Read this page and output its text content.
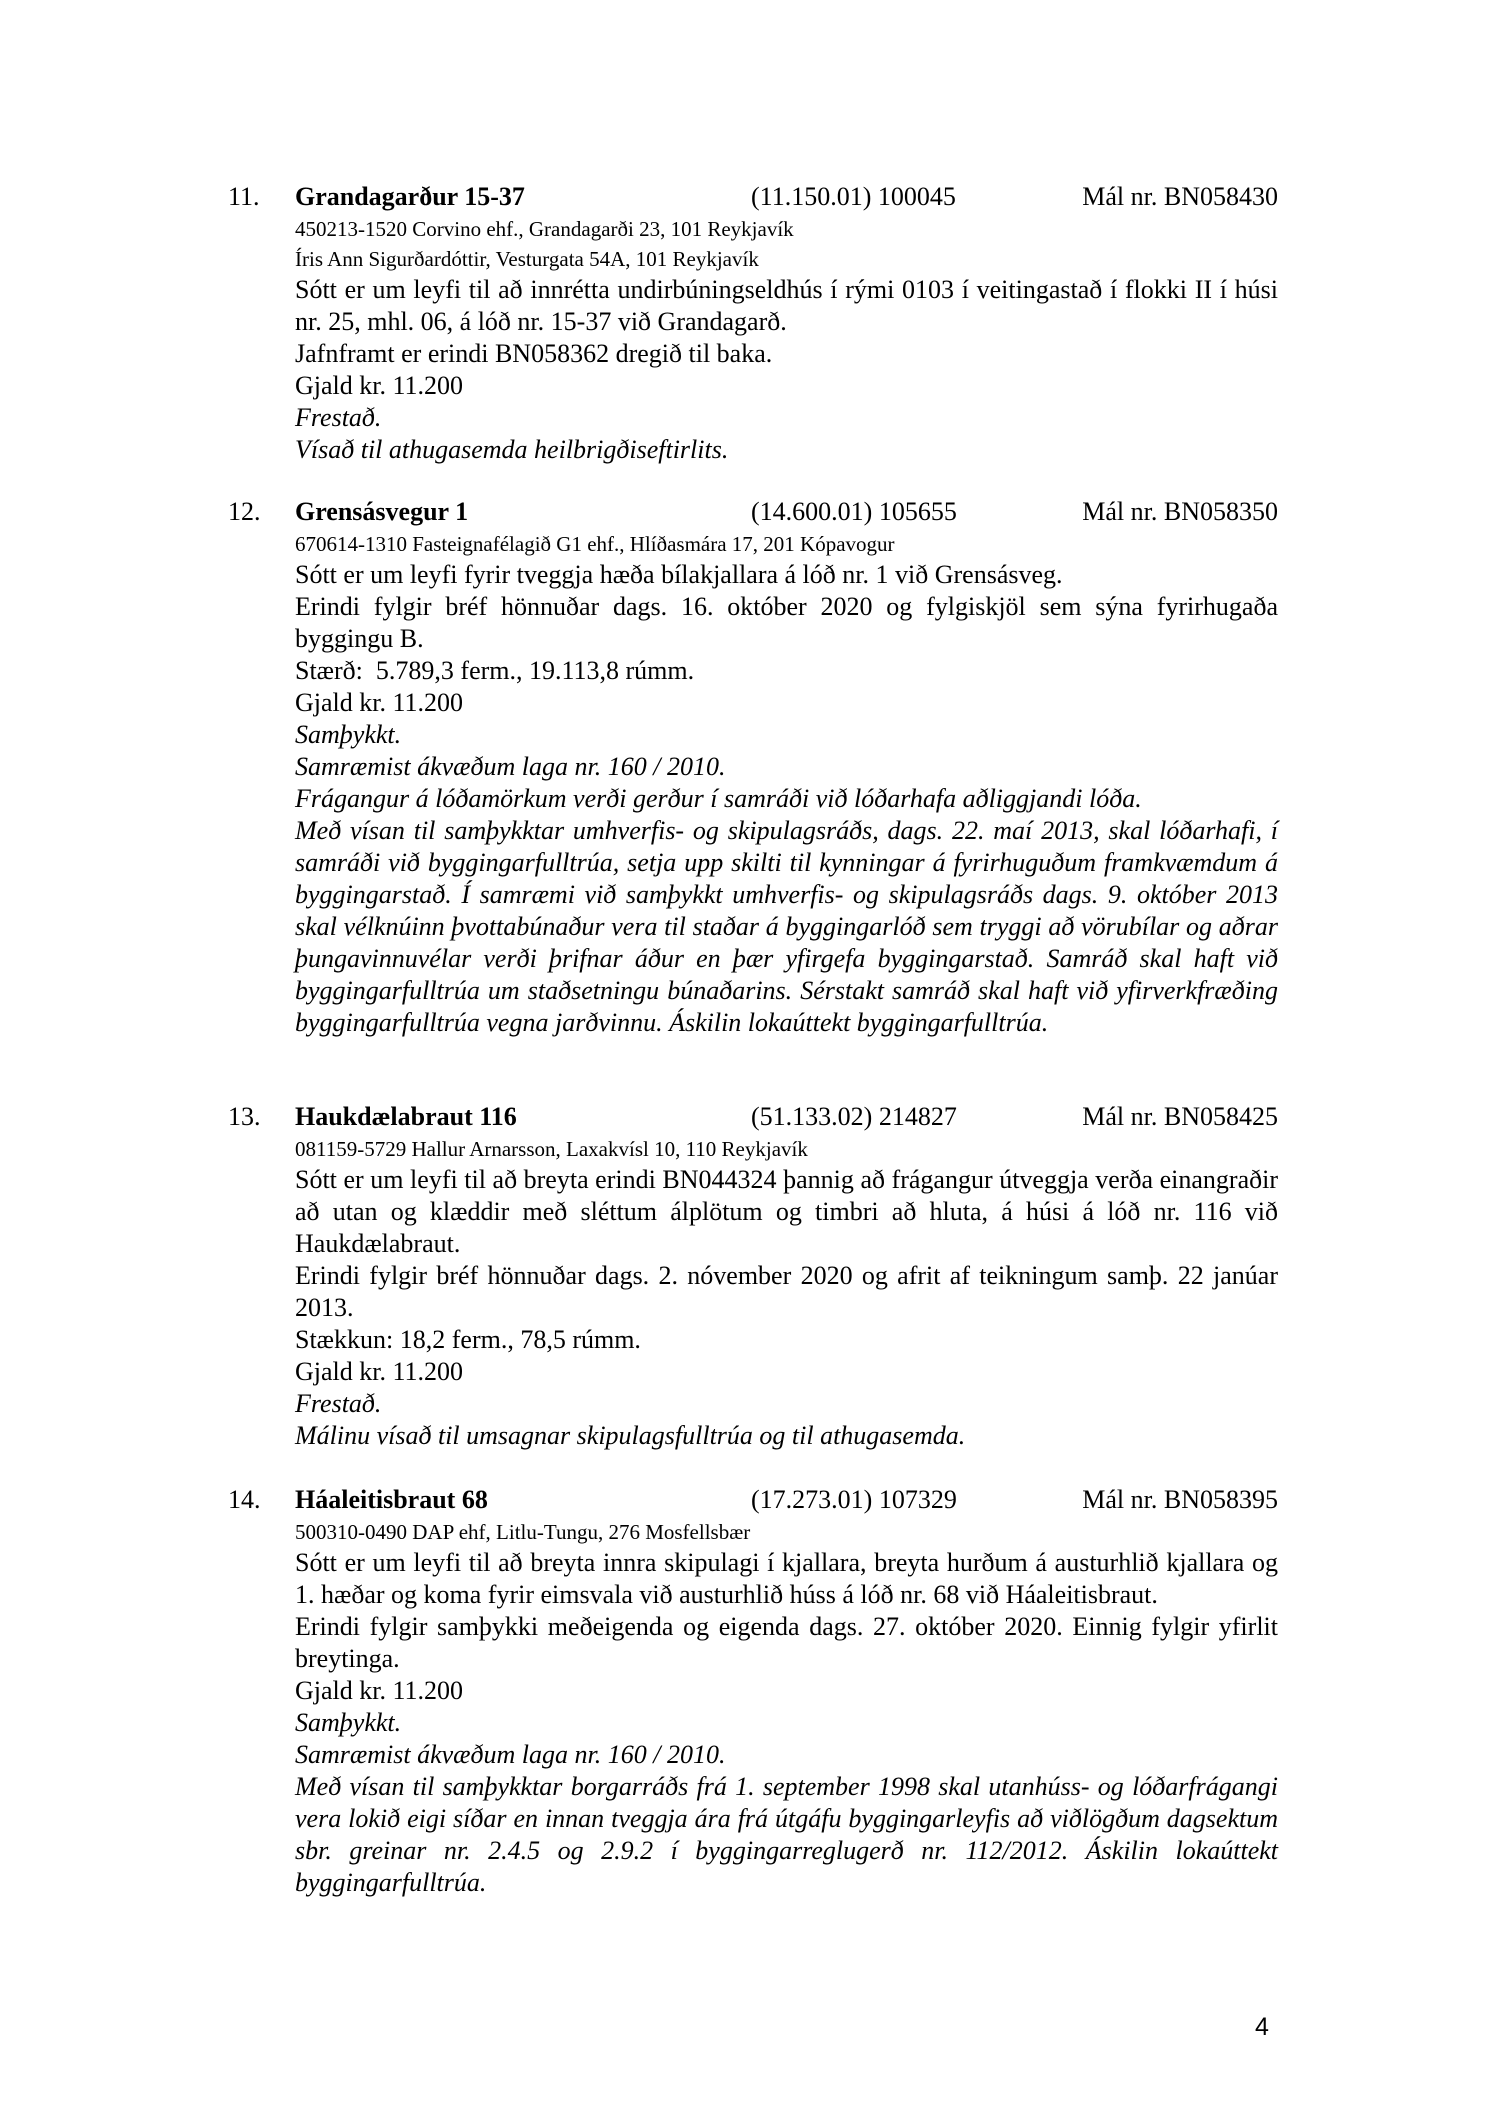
11. Grandagarður 15-37	(11.150.01) 100045	Mál nr. BN058430
450213-1520 Corvino ehf., Grandagarði 23, 101 Reykjavík
Íris Ann Sigurðardóttir, Vesturgata 54A, 101 Reykjavík

Sótt er um leyfi til að innrétta undirbúningseldhús í rými 0103 í veitingastað í flokki II í húsi nr. 25, mhl. 06, á lóð nr. 15-37 við Grandagarð.

Jafnframt er erindi BN058362 dregið til baka.

Gjald kr. 11.200

Frestað.

Vísað til athugasemda heilbrigðiseftirlits.

12. Grensásvegur 1	(14.600.01) 105655	Mál nr. BN058350
670614-1310 Fasteignafélagið G1 ehf., Hlíðasmára 17, 201 Kópavogur

Sótt er um leyfi fyrir tveggja hæða bílakjallara á lóð nr. 1 við Grensásveg.

Erindi fylgir bréf hönnuðar dags. 16. október 2020 og fylgiskjöl sem sýna fyrirhugaða byggingu B.

Stærð:  5.789,3 ferm., 19.113,8 rúmm.

Gjald kr. 11.200

Samþykkt.

Samræmist ákvæðum laga nr. 160 / 2010.

Frágangur á lóðamörkum verði gerður í samráði við lóðarhafa aðliggjandi lóða.

Með vísan til samþykktar umhverfis- og skipulagsráðs, dags. 22. maí 2013, skal lóðarhafi, í samráði við byggingarfulltrúa, setja upp skilti til kynningar á fyrirhuguðum framkvæmdum á byggingarstað. Í samræmi við samþykkt umhverfis- og skipulagsráðs dags. 9. október 2013 skal vélknúinn þvottabúnaður vera til staðar á byggingarlóð sem tryggi að vörubílar og aðrar þungavinnuvélar verði þrifnar áður en þær yfirgefa byggingarstað. Samráð skal haft við byggingarfulltrúa um staðsetningu búnaðarins. Sérstakt samráð skal haft við yfirverkfræðing byggingarfulltrúa vegna jarðvinnu. Áskilin lokaúttekt byggingarfulltrúa.

13. Haukdælabraut 116	(51.133.02) 214827	Mál nr. BN058425
081159-5729 Hallur Arnarsson, Laxakvísl 10, 110 Reykjavík

Sótt er um leyfi til að breyta erindi BN044324 þannig að frágangur útveggja verða einangraðir að utan og klæddir með sléttum álplötum og timbri að hluta, á húsi á lóð nr. 116 við Haukdælabraut.

Erindi fylgir bréf hönnuðar dags. 2. nóvember 2020 og afrit af teikningum samþ. 22 janúar 2013.

Stækkun: 18,2 ferm., 78,5 rúmm.

Gjald kr. 11.200

Frestað.

Málinu vísað til umsagnar skipulagsfulltrúa og til athugasemda.

14. Háaleitisbraut 68	(17.273.01) 107329	Mál nr. BN058395
500310-0490 DAP ehf, Litlu-Tungu, 276 Mosfellsbær

Sótt er um leyfi til að breyta innra skipulagi í kjallara, breyta hurðum á austurhlið kjallara og 1. hæðar og koma fyrir eimsvala við austurhlið húss á lóð nr. 68 við Háaleitisbraut.

Erindi fylgir samþykki meðeigenda og eigenda dags. 27. október 2020. Einnig fylgir yfirlit breytinga.

Gjald kr. 11.200

Samþykkt.

Samræmist ákvæðum laga nr. 160 / 2010.

Með vísan til samþykktar borgarráðs frá 1. september 1998 skal utanhúss- og lóðarfrágangi vera lokið eigi síðar en innan tveggja ára frá útgáfu byggingarleyfis að viðlögðum dagsektum sbr. greinar nr. 2.4.5 og 2.9.2 í byggingarreglugerð nr. 112/2012. Áskilin lokaúttekt byggingarfulltrúa.

4
